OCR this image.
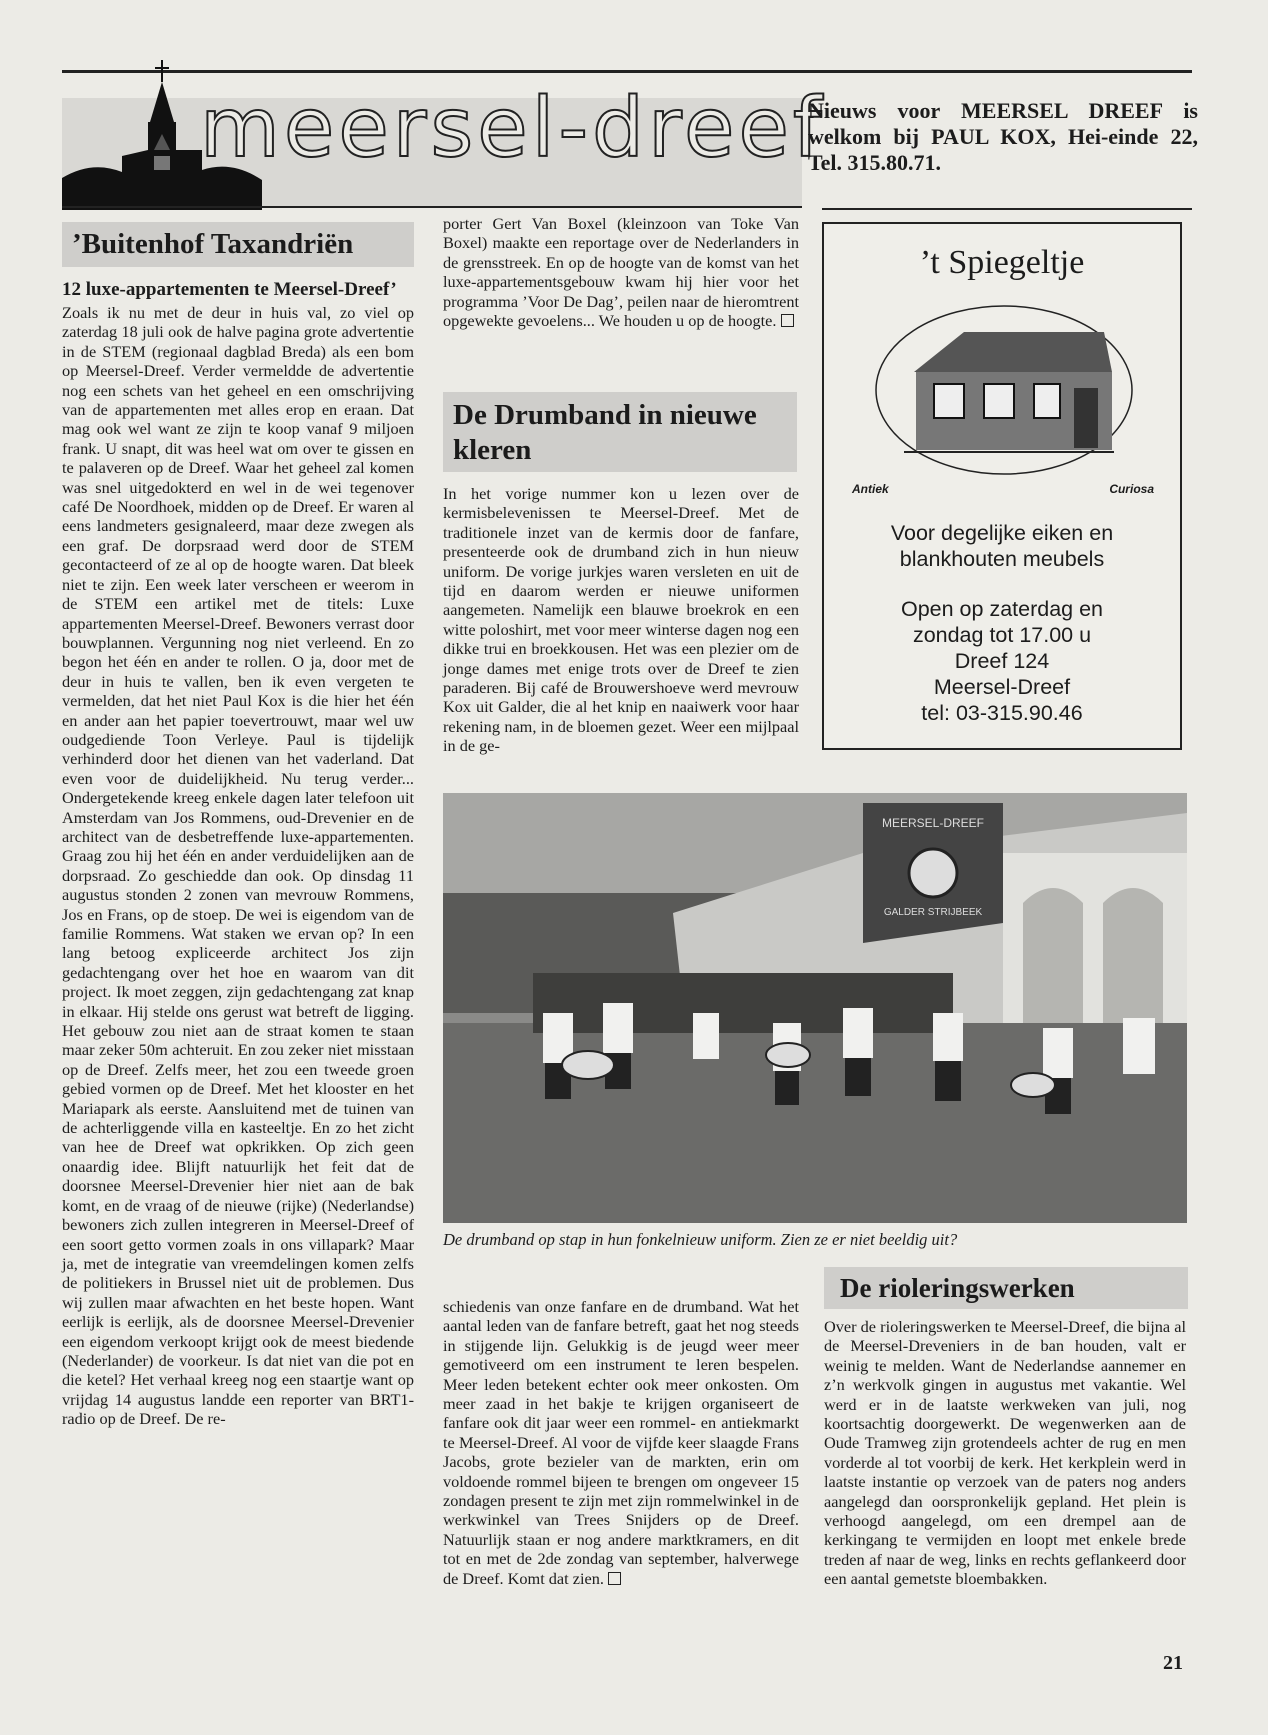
meersel-dreef
Nieuws voor MEERSEL DREEF is welkom bij PAUL KOX, Hei-einde 22, Tel. 315.80.71.
’Buitenhof Taxandriën

12 luxe-appartementen te Meersel-Dreef’

Zoals ik nu met de deur in huis val, zo viel op zaterdag 18 juli ook de halve pagina grote advertentie in de STEM (regionaal dagblad Breda) als een bom op Meersel-Dreef. Verder vermeldde de advertentie nog een schets van het geheel en een omschrijving van de appartementen met alles erop en eraan. Dat mag ook wel want ze zijn te koop vanaf 9 miljoen frank. U snapt, dit was heel wat om over te gissen en te palaveren op de Dreef. Waar het geheel zal komen was snel uitgedokterd en wel in de wei tegenover café De Noordhoek, midden op de Dreef. Er waren al eens landmeters gesignaleerd, maar deze zwegen als een graf. De dorpsraad werd door de STEM gecontacteerd of ze al op de hoogte waren. Dat bleek niet te zijn. Een week later verscheen er weerom in de STEM een artikel met de titels: Luxe appartementen Meersel-Dreef. Bewoners verrast door bouwplannen. Vergunning nog niet verleend. En zo begon het één en ander te rollen. O ja, door met de deur in huis te vallen, ben ik even vergeten te vermelden, dat het niet Paul Kox is die hier het één en ander aan het papier toevertrouwt, maar wel uw oudgediende Toon Verleye. Paul is tijdelijk verhinderd door het dienen van het vaderland. Dat even voor de duidelijkheid. Nu terug verder... Ondergetekende kreeg enkele dagen later telefoon uit Amsterdam van Jos Rommens, oud-Drevenier en de architect van de desbetreffende luxe-appartementen. Graag zou hij het één en ander verduidelijken aan de dorpsraad. Zo geschiedde dan ook. Op dinsdag 11 augustus stonden 2 zonen van mevrouw Rommens, Jos en Frans, op de stoep. De wei is eigendom van de familie Rommens. Wat staken we ervan op? In een lang betoog expliceerde architect Jos zijn gedachtengang over het hoe en waarom van dit project. Ik moet zeggen, zijn gedachtengang zat knap in elkaar. Hij stelde ons gerust wat betreft de ligging. Het gebouw zou niet aan de straat komen te staan maar zeker 50m achteruit. En zou zeker niet misstaan op de Dreef. Zelfs meer, het zou een tweede groen gebied vormen op de Dreef. Met het klooster en het Mariapark als eerste. Aansluitend met de tuinen van de achterliggende villa en kasteeltje. En zo het zicht van hee de Dreef wat opkrikken. Op zich geen onaardig idee. Blijft natuurlijk het feit dat de doorsnee Meersel-Drevenier hier niet aan de bak komt, en de vraag of de nieuwe (rijke) (Nederlandse) bewoners zich zullen integreren in Meersel-Dreef of een soort getto vormen zoals in ons villapark? Maar ja, met de integratie van vreemdelingen komen zelfs de politiekers in Brussel niet uit de problemen. Dus wij zullen maar afwachten en het beste hopen. Want eerlijk is eerlijk, als de doorsnee Meersel-Drevenier een eigendom verkoopt krijgt ook de meest biedende (Nederlander) de voorkeur. Is dat niet van die pot en die ketel? Het verhaal kreeg nog een staartje want op vrijdag 14 augustus landde een reporter van BRT1-radio op de Dreef. De re-

porter Gert Van Boxel (kleinzoon van Toke Van Boxel) maakte een reportage over de Nederlanders in de grensstreek. En op de hoogte van de komst van het luxe-appartementsgebouw kwam hij hier voor het programma ’Voor De Dag’, peilen naar de hieromtrent opgewekte gevoelens... We houden u op de hoogte.
De Drumband in nieuwe kleren

In het vorige nummer kon u lezen over de kermisbelevenissen te Meersel-Dreef. Met de traditionele inzet van de kermis door de fanfare, presenteerde ook de drumband zich in hun nieuw uniform. De vorige jurkjes waren versleten en uit de tijd en daarom werden er nieuwe uniformen aangemeten. Namelijk een blauwe broekrok en een witte poloshirt, met voor meer winterse dagen nog een dikke trui en broekkousen. Het was een plezier om de jonge dames met enige trots over de Dreef te zien paraderen. Bij café de Brouwershoeve werd mevrouw Kox uit Galder, die al het knip en naaiwerk voor haar rekening nam, in de bloemen gezet. Weer een mijlpaal in de ge-

’t Spiegeltje
Antiek	Curiosa
Voor degelijke eiken en
blankhouten meubels
Open op zaterdag en
zondag tot 17.00 u
Dreef 124
Meersel-Dreef
tel: 03-315.90.46
MEERSEL-DREEF
GALDER STRIJBEEK
De drumband op stap in hun fonkelnieuw uniform. Zien ze er niet beeldig uit?
schiedenis van onze fanfare en de drumband. Wat het aantal leden van de fanfare betreft, gaat het nog steeds in stijgende lijn. Gelukkig is de jeugd weer meer gemotiveerd om een instrument te leren bespelen. Meer leden betekent echter ook meer onkosten. Om meer zaad in het bakje te krijgen organiseert de fanfare ook dit jaar weer een rommel- en antiekmarkt te Meersel-Dreef. Al voor de vijfde keer slaagde Frans Jacobs, grote bezieler van de markten, erin om voldoende rommel bijeen te brengen om ongeveer 15 zondagen present te zijn met zijn rommelwinkel in de werkwinkel van Trees Snijders op de Dreef. Natuurlijk staan er nog andere marktkramers, en dit tot en met de 2de zondag van september, halverwege de Dreef. Komt dat zien.
De rioleringswerken

Over de rioleringswerken te Meersel-Dreef, die bijna al de Meersel-Dreveniers in de ban houden, valt er weinig te melden. Want de Nederlandse aannemer en z’n werkvolk gingen in augustus met vakantie. Wel werd er in de laatste werkweken van juli, nog koortsachtig doorgewerkt. De wegenwerken aan de Oude Tramweg zijn grotendeels achter de rug en men vorderde al tot voorbij de kerk. Het kerkplein werd in laatste instantie op verzoek van de paters nog anders aangelegd dan oorspronkelijk gepland. Het plein is verhoogd aangelegd, om een drempel aan de kerkingang te vermijden en loopt met enkele brede treden af naar de weg, links en rechts geflankeerd door een aantal gemetste bloembakken.

21
